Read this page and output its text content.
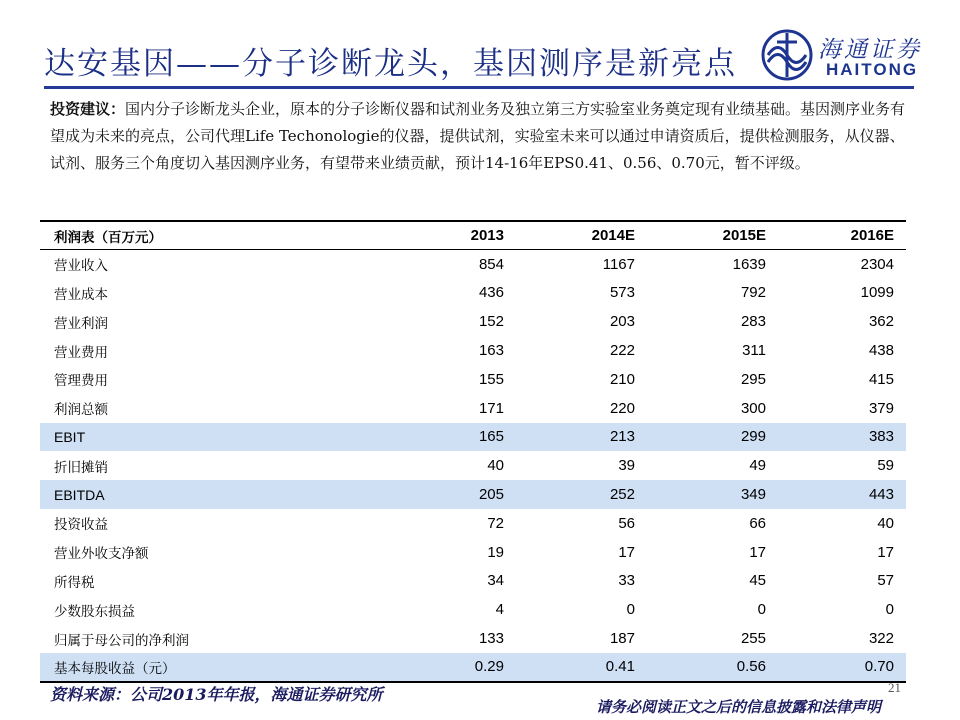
达安基因——分子诊断龙头，基因测序是新亮点	海通证券
HAITONG
投资建议：国内分子诊断龙头企业，原本的分子诊断仪器和试剂业务及独立第三方实验室业务奠定现有业绩基础。基因测序业务有望成为未来的亮点，公司代理Life Techonologie的仪器，提供试剂，实验室未来可以通过申请资质后，提供检测服务，从仪器、试剂、服务三个角度切入基因测序业务，有望带来业绩贡献，预计14-16年EPS0.41、0.56、0.70元，暂不评级。
利润表（百万元）	2013	2014E	2015E	2016E
营业收入	854	1167	1639	2304
营业成本	436	573	792	1099
营业利润	152	203	283	362
营业费用	163	222	311	438
管理费用	155	210	295	415
利润总额	171	220	300	379
EBIT	165	213	299	383
折旧摊销	40	39	49	59
EBITDA	205	252	349	443
投资收益	72	56	66	40
营业外收支净额	19	17	17	17
所得税	34	33	45	57
少数股东损益	4	0	0	0
归属于母公司的净利润	133	187	255	322
基本每股收益（元）	0.29	0.41	0.56	0.70
资料来源：公司2013年年报，海通证券研究所	21
请务必阅读正文之后的信息披露和法律声明
